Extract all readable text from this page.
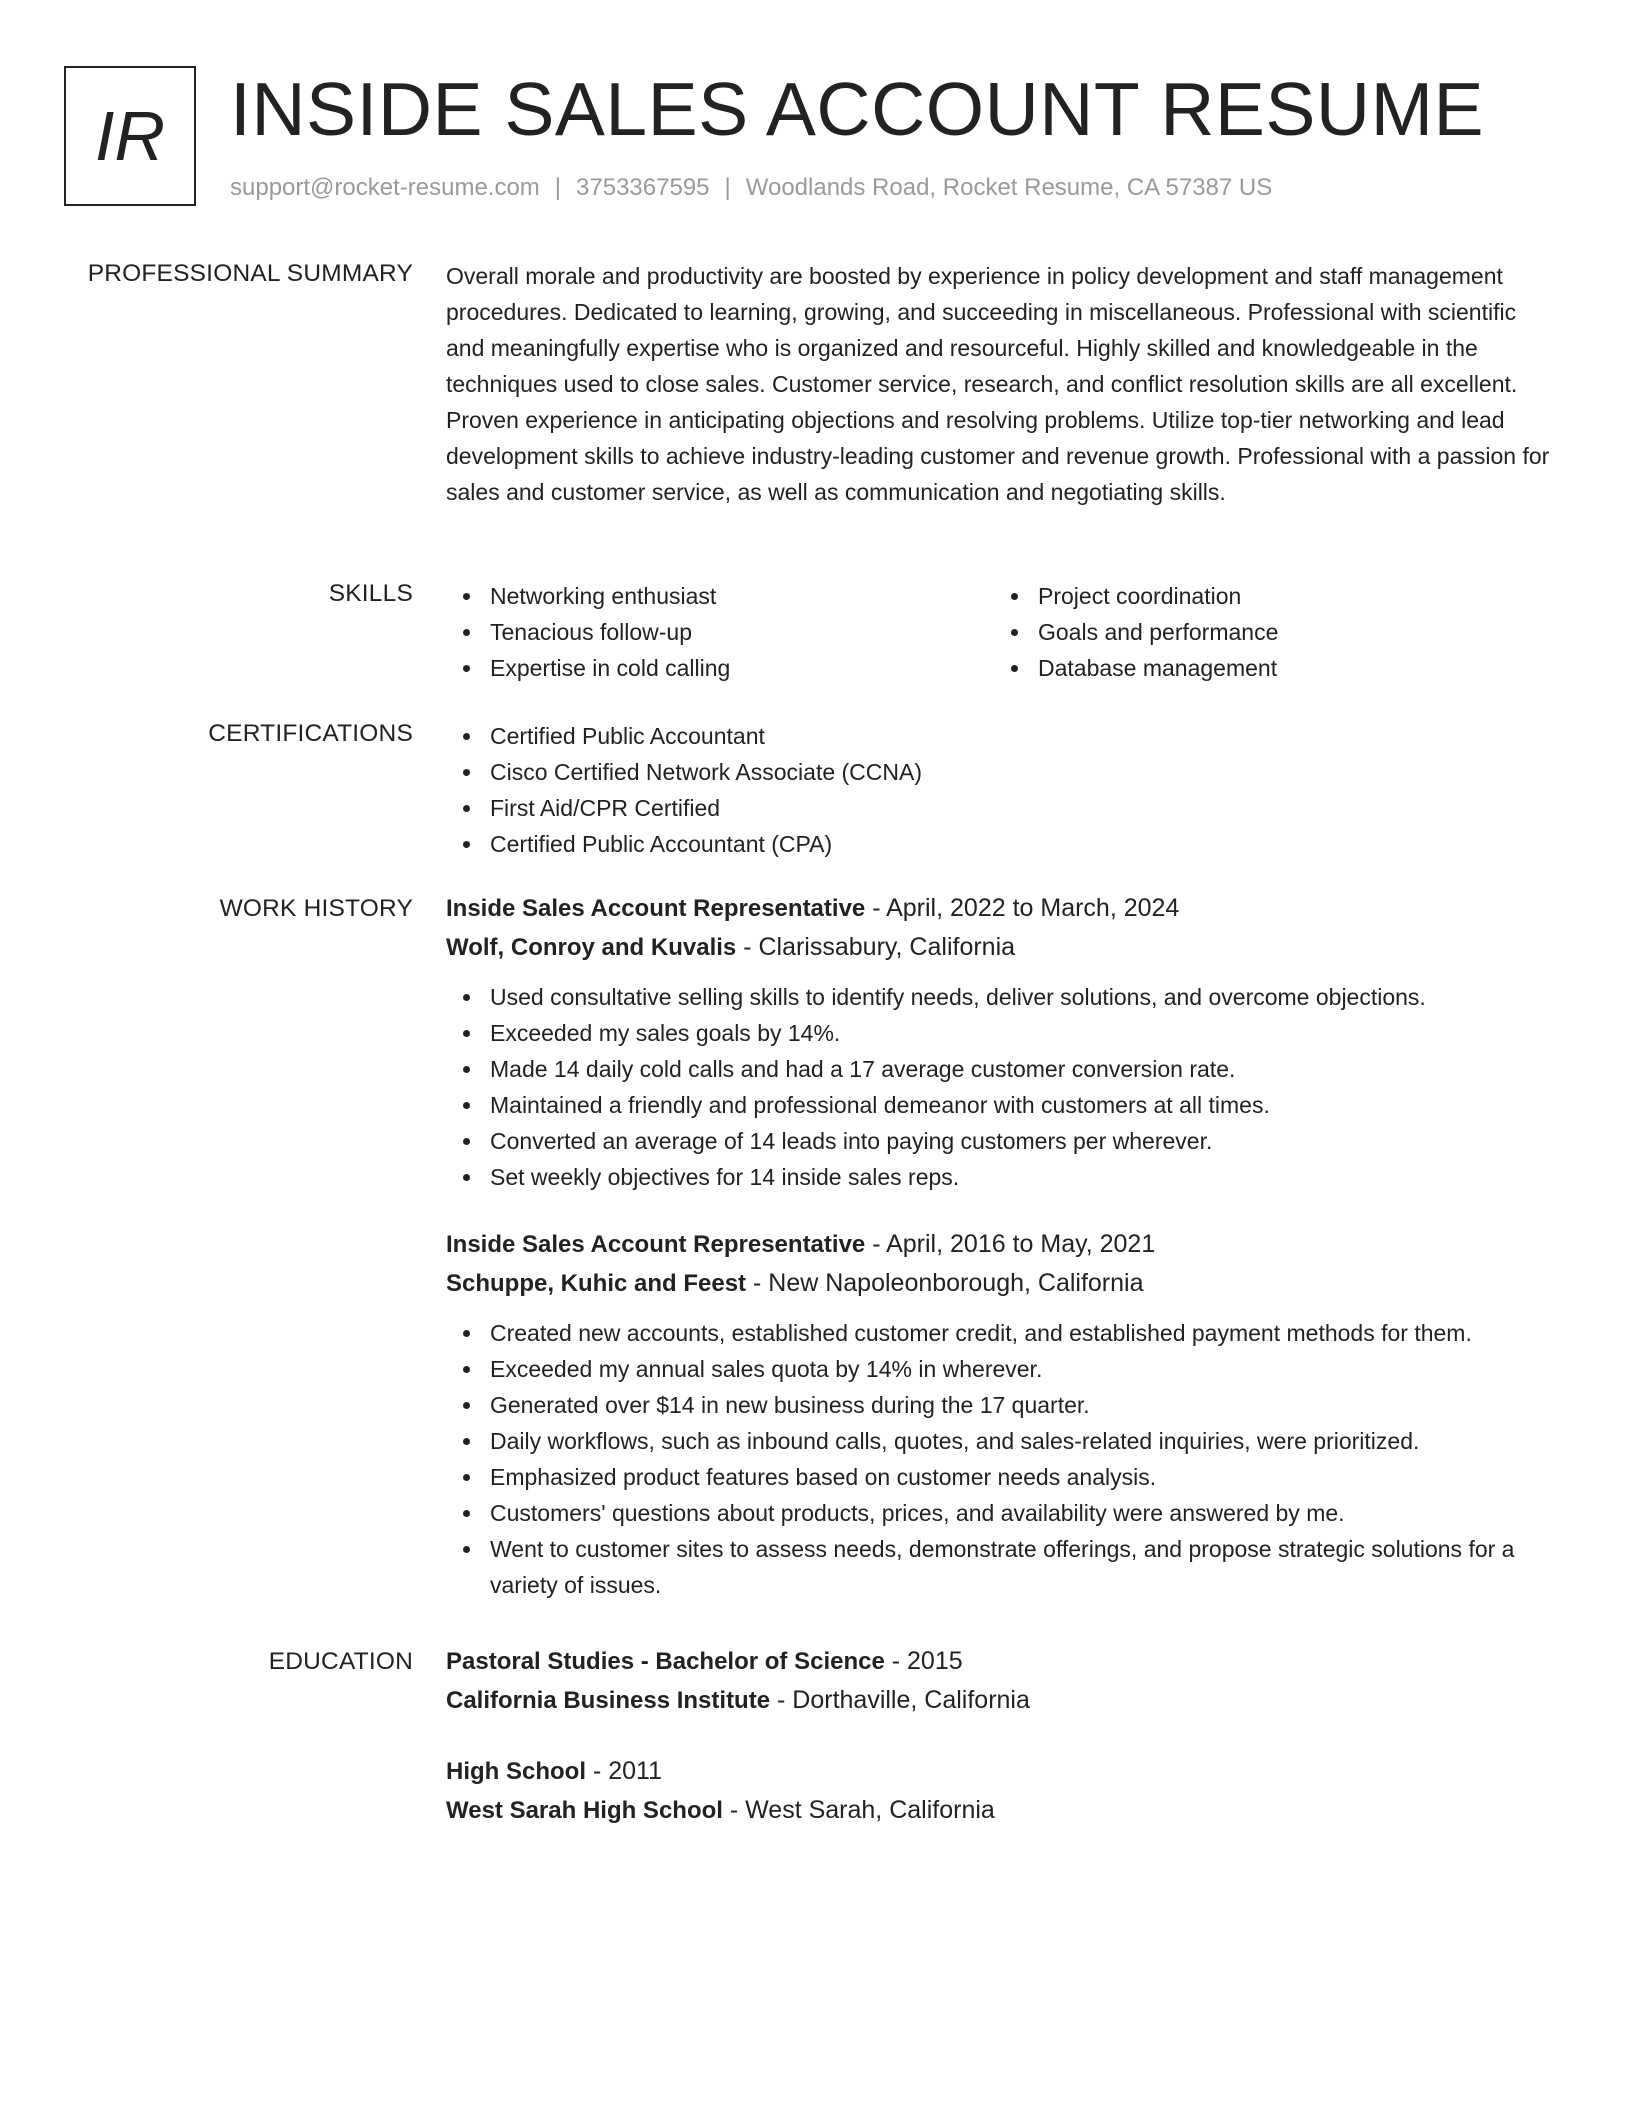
IR INSIDE SALES ACCOUNT RESUME
support@rocket-resume.com | 3753367595 | Woodlands Road, Rocket Resume, CA 57387 US
PROFESSIONAL SUMMARY Overall morale and productivity are boosted by experience in policy development and staff management procedures. Dedicated to learning, growing, and succeeding in miscellaneous. Professional with scientific and meaningfully expertise who is organized and resourceful. Highly skilled and knowledgeable in the techniques used to close sales. Customer service, research, and conflict resolution skills are all excellent. Proven experience in anticipating objections and resolving problems. Utilize top-tier networking and lead development skills to achieve industry-leading customer and revenue growth. Professional with a passion for sales and customer service, as well as communication and negotiating skills.

SKILLS	Networking enthusiast
Tenacious follow-up
Expertise in cold calling
Project coordination
Goals and performance
Database management
CERTIFICATIONS	Certified Public Accountant
Cisco Certified Network Associate (CCNA)
First Aid/CPR Certified
Certified Public Accountant (CPA)
WORK HISTORY Inside Sales Account Representative - April, 2022 to March, 2024
Wolf, Conroy and Kuvalis - Clarissabury, California
Used consultative selling skills to identify needs, deliver solutions, and overcome objections.
Exceeded my sales goals by 14%.
Made 14 daily cold calls and had a 17 average customer conversion rate.
Maintained a friendly and professional demeanor with customers at all times.
Converted an average of 14 leads into paying customers per wherever.
Set weekly objectives for 14 inside sales reps.
Inside Sales Account Representative - April, 2016 to May, 2021
Schuppe, Kuhic and Feest - New Napoleonborough, California
Created new accounts, established customer credit, and established payment methods for them.
Exceeded my annual sales quota by 14% in wherever.
Generated over $14 in new business during the 17 quarter.
Daily workflows, such as inbound calls, quotes, and sales-related inquiries, were prioritized.
Emphasized product features based on customer needs analysis.
Customers' questions about products, prices, and availability were answered by me.
Went to customer sites to assess needs, demonstrate offerings, and propose strategic solutions for a variety of issues.
EDUCATION Pastoral Studies - Bachelor of Science - 2015
California Business Institute - Dorthaville, California
High School - 2011
West Sarah High School - West Sarah, California
